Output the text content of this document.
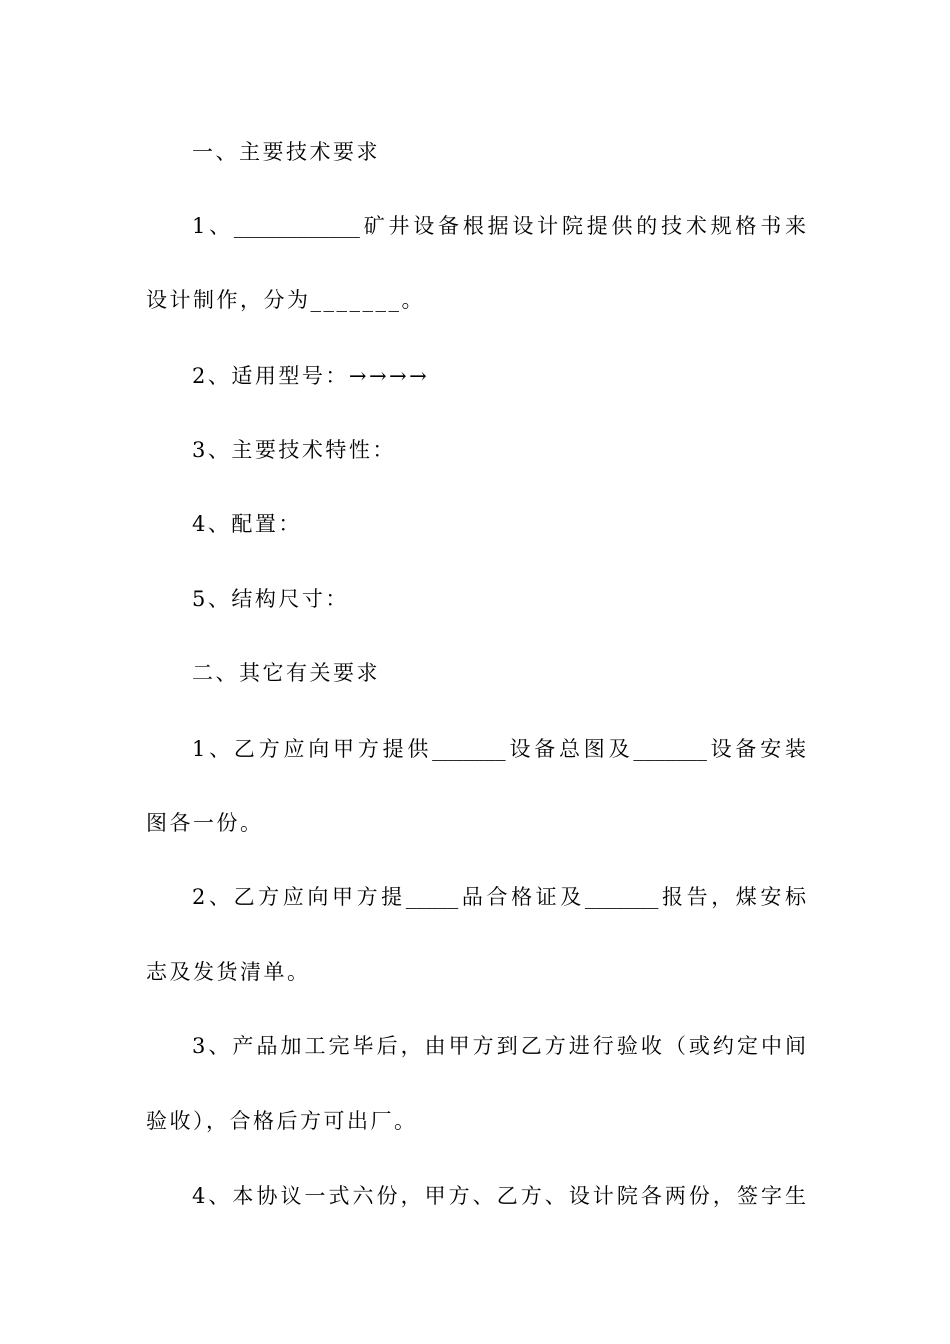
一、主要技术要求
1、____________矿井设备根据设计院提供的技术规格书来
设计制作，分为_______。
2、适用型号：→→→→
3、主要技术特性：
4、配置：
5、结构尺寸：
二、其它有关要求
1、乙方应向甲方提供_______设备总图及_______设备安装
图各一份。
2、乙方应向甲方提_____品合格证及_______报告，煤安标
志及发货清单。
3、产品加工完毕后，由甲方到乙方进行验收（或约定中间
验收），合格后方可出厂。
4、本协议一式六份，甲方、乙方、设计院各两份，签字生
